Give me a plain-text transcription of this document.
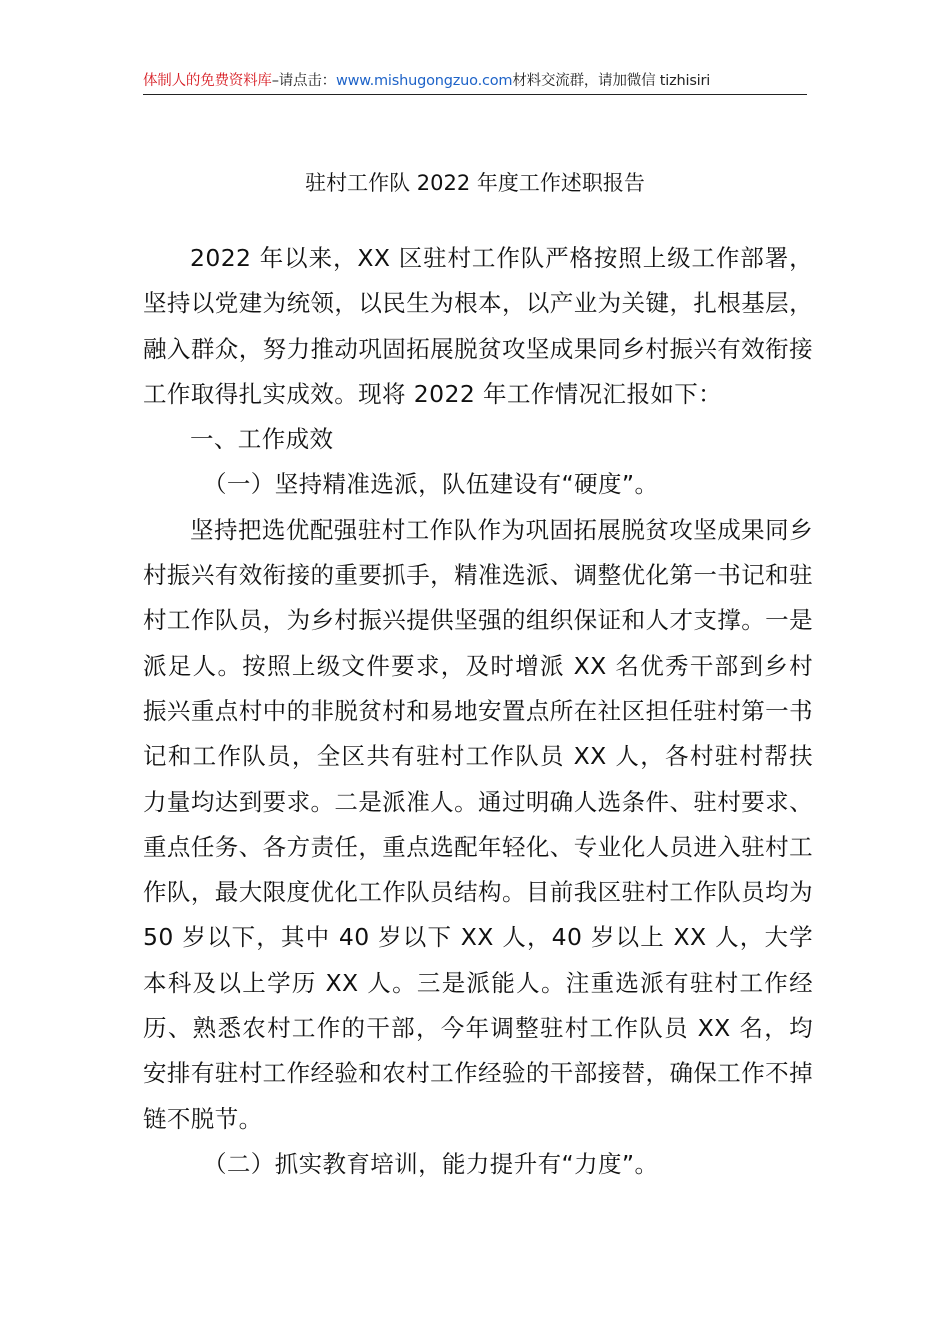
体制人的免费资料库–请点击：www.mishugongzuo.com材料交流群，请加微信 tizhisiri
驻村工作队 2022 年度工作述职报告

2022 年以来，XX 区驻村工作队严格按照上级工作部署，坚持以党建为统领，以民生为根本，以产业为关键，扎根基层，融入群众，努力推动巩固拓展脱贫攻坚成果同乡村振兴有效衔接工作取得扎实成效。现将 2022 年工作情况汇报如下：

一、工作成效

（一）坚持精准选派，队伍建设有“硬度”。

坚持把选优配强驻村工作队作为巩固拓展脱贫攻坚成果同乡村振兴有效衔接的重要抓手，精准选派、调整优化第一书记和驻村工作队员，为乡村振兴提供坚强的组织保证和人才支撑。一是派足人。按照上级文件要求，及时增派 XX 名优秀干部到乡村振兴重点村中的非脱贫村和易地安置点所在社区担任驻村第一书记和工作队员，全区共有驻村工作队员 XX 人，各村驻村帮扶力量均达到要求。二是派准人。通过明确人选条件、驻村要求、重点任务、各方责任，重点选配年轻化、专业化人员进入驻村工作队，最大限度优化工作队员结构。目前我区驻村工作队员均为 50 岁以下，其中 40 岁以下 XX 人，40 岁以上 XX 人，大学本科及以上学历 XX 人。三是派能人。注重选派有驻村工作经历、熟悉农村工作的干部，今年调整驻村工作队员 XX 名，均安排有驻村工作经验和农村工作经验的干部接替，确保工作不掉链不脱节。

（二）抓实教育培训，能力提升有“力度”。
